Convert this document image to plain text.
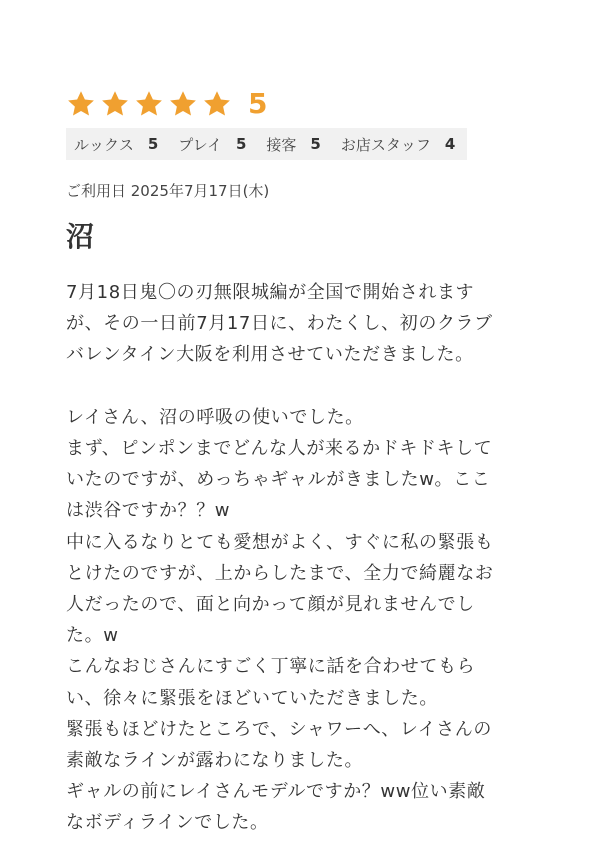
5
ルックス 5 プレイ 5 接客 5 お店スタッフ 4
ご利用日 2025年7月17日(木)
沼

7月18日鬼〇の刃無限城編が全国で開始されます

が、その一日前7月17日に、わたくし、初のクラブ

バレンタイン大阪を利用させていただきました。

レイさん、沼の呼吸の使いでした。

まず、ピンポンまでどんな人が来るかドキドキして

いたのですが、めっちゃギャルがきましたw。ここ

は渋谷ですか？？w

中に入るなりとても愛想がよく、すぐに私の緊張も

とけたのですが、上からしたまで、全力で綺麗なお

人だったので、面と向かって顔が見れませんでし

た。w

こんなおじさんにすごく丁寧に話を合わせてもら

い、徐々に緊張をほどいていただきました。

緊張もほどけたところで、シャワーへ、レイさんの

素敵なラインが露わになりました。

ギャルの前にレイさんモデルですか？ww位い素敵

なボディラインでした。
